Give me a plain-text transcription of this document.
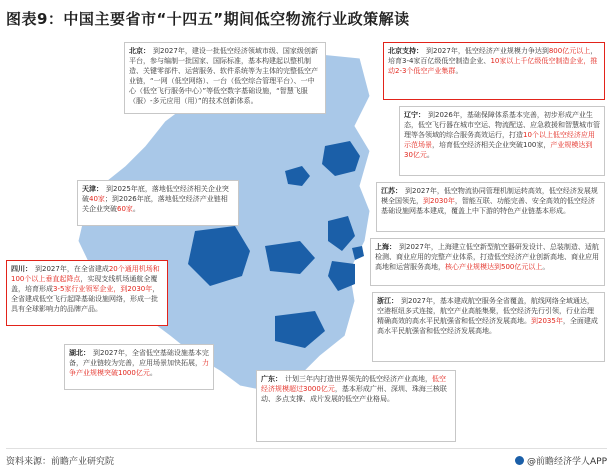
图表9：中国主要省市“十四五”期间低空物流行业政策解读
北京： 到2027年，建设一批低空经济领域市级、国家级创新平台，参与编制一批国家、国际标准，基本构建起以整机制造、关键零部件、运营服务、软件系统等为主体的完整低空产业链，“一网（低空网络）、一台（低空综合管理平台）、一中心（低空飞行服务中心）”等低空数字基础设施，“智慧飞服（服）-多元应用（用）”的技术创新体系。
北京支持： 到2027年，低空经济产业规模力争达到800亿元以上，培育3-4家百亿级低空制造企业、10家以上千亿级低空制造企业，推动2-3个低空产业集群。
辽宁： 到2026年，基础保障体系基本完善，初步形成产业生态，低空飞行器在城市空运、物流配送、应急救援和智慧城市管理等各领域的综合服务高效运行，打造10个以上低空经济应用示范场景，培育低空经济相关企业突破100家，产业规模达到30亿元。
天津： 到2025年底，落地低空经济相关企业突破40家；到2026年底，落地低空经济产业链相关企业突破60家。
江苏： 到2027年，低空物流协同管理机制运转高效，低空经济发展规模全国领先，到2030年，智能互联、功能完善、安全高效的低空经济基础设施网基本建成，覆盖上中下游的特色产业链基本形成。
上海： 到2027年，上海建立低空新型航空器研发设计、总装制造、适航检测、商业应用的完整产业体系，打造低空经济产业创新高地、商业应用高地和运营服务高地，核心产业规模达到500亿元以上。
四川： 到2027年，在全省建成20个通用机场和100个以上垂直起降点，实现支线机场通航全覆盖，培育形成3-5家行业领军企业，到2030年，全省建成低空飞行起降基础设施网络，形成一批具有全球影响力的品牌产品。
浙江： 到2027年，基本建成航空服务全省覆盖，航线网络全域通达，空港枢纽多式连接，航空产业高能集聚，低空经济先行引领，行业治理精确高效的高水平民航强省和低空经济发展高地。到2035年，全面建成高水平民航强省和低空经济发展高地。
湖北： 到2027年，全省低空基础设施基本完备，产业链较为完善，应用场景加快拓展，力争产业规模突破1000亿元。
广东： 计划三年内打造世界领先的低空经济产业高地，低空经济规模超过3000亿元，基本形成广州、深圳、珠海三核联动、多点支撑、成片发展的低空产业格局。
资料来源：前瞻产业研究院	@前瞻经济学人APP
